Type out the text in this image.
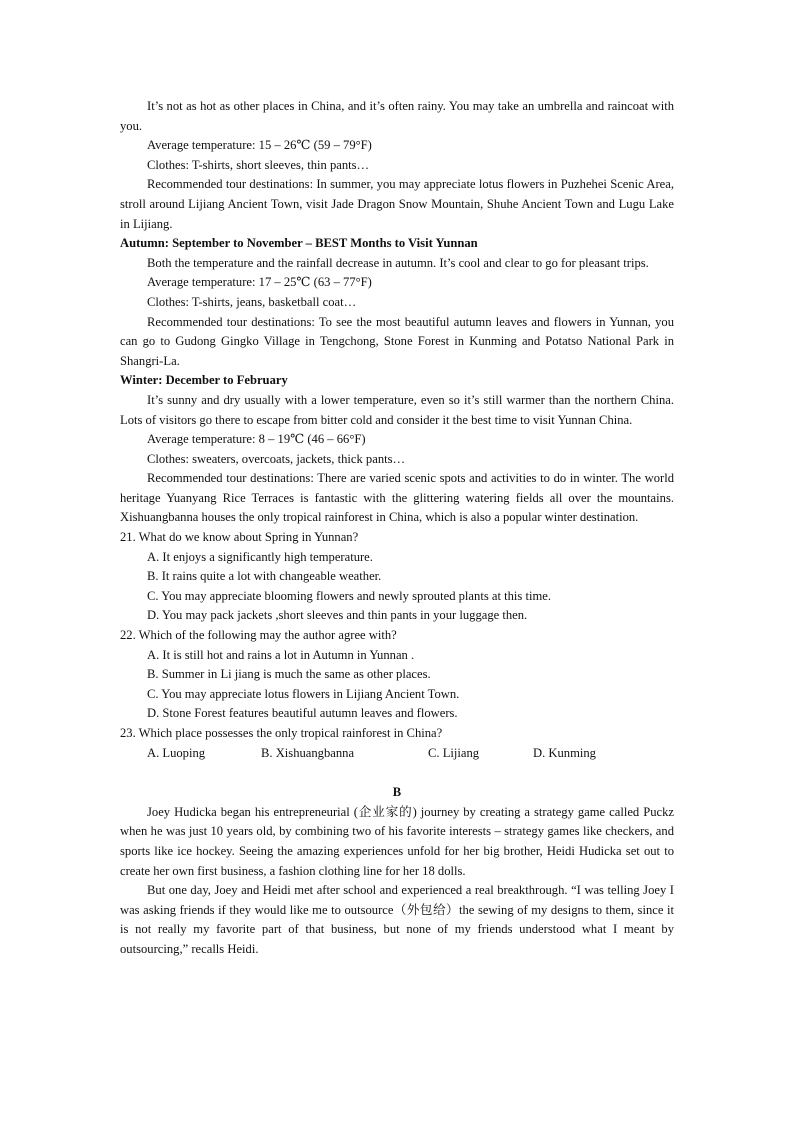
It’s not as hot as other places in China, and it’s often rainy. You may take an umbrella and raincoat with you.

Average temperature: 15 – 26℃ (59 – 79°F)

Clothes: T-shirts, short sleeves, thin pants…

Recommended tour destinations: In summer, you may appreciate lotus flowers in Puzhehei Scenic Area, stroll around Lijiang Ancient Town, visit Jade Dragon Snow Mountain, Shuhe Ancient Town and Lugu Lake in Lijiang.

Autumn: September to November – BEST Months to Visit Yunnan

Both the temperature and the rainfall decrease in autumn. It’s cool and clear to go for pleasant trips.

Average temperature: 17 – 25℃ (63 – 77°F)

Clothes: T-shirts, jeans, basketball coat…

Recommended tour destinations: To see the most beautiful autumn leaves and flowers in Yunnan, you can go to Gudong Gingko Village in Tengchong, Stone Forest in Kunming and Potatso National Park in Shangri-La.

Winter: December to February

It’s sunny and dry usually with a lower temperature, even so it’s still warmer than the northern China. Lots of visitors go there to escape from bitter cold and consider it the best time to visit Yunnan China.

Average temperature: 8 – 19℃ (46 – 66°F)

Clothes: sweaters, overcoats, jackets, thick pants…

Recommended tour destinations: There are varied scenic spots and activities to do in winter. The world heritage Yuanyang Rice Terraces is fantastic with the glittering watering fields all over the mountains. Xishuangbanna houses the only tropical rainforest in China, which is also a popular winter destination.

21. What do we know about Spring in Yunnan?

A. It enjoys a significantly high temperature.

B. It rains quite a lot with changeable weather.

C. You may appreciate blooming flowers and newly sprouted plants at this time.

D. You may pack jackets ,short sleeves and thin pants in your luggage then.

22. Which of the following may the author agree with?

A. It is still hot and rains a lot in Autumn in Yunnan .

B. Summer in Li jiang is much the same as other places.

C. You may appreciate lotus flowers in Lijiang Ancient Town.

D. Stone Forest features beautiful autumn leaves and flowers.

23. Which place possesses the only tropical rainforest in China?

A. Luoping	B. Xishuangbanna	C. Lijiang	D. Kunming

B

Joey Hudicka began his entrepreneurial (企业家的) journey by creating a strategy game called Puckz when he was just 10 years old, by combining two of his favorite interests – strategy games like checkers, and sports like ice hockey. Seeing the amazing experiences unfold for her big brother, Heidi Hudicka set out to create her own first business, a fashion clothing line for her 18 dolls.

But one day, Joey and Heidi met after school and experienced a real breakthrough. “I was telling Joey I was asking friends if they would like me to outsource（外包给）the sewing of my designs to them, since it is not really my favorite part of that business, but none of my friends understood what I meant by outsourcing,” recalls Heidi.
